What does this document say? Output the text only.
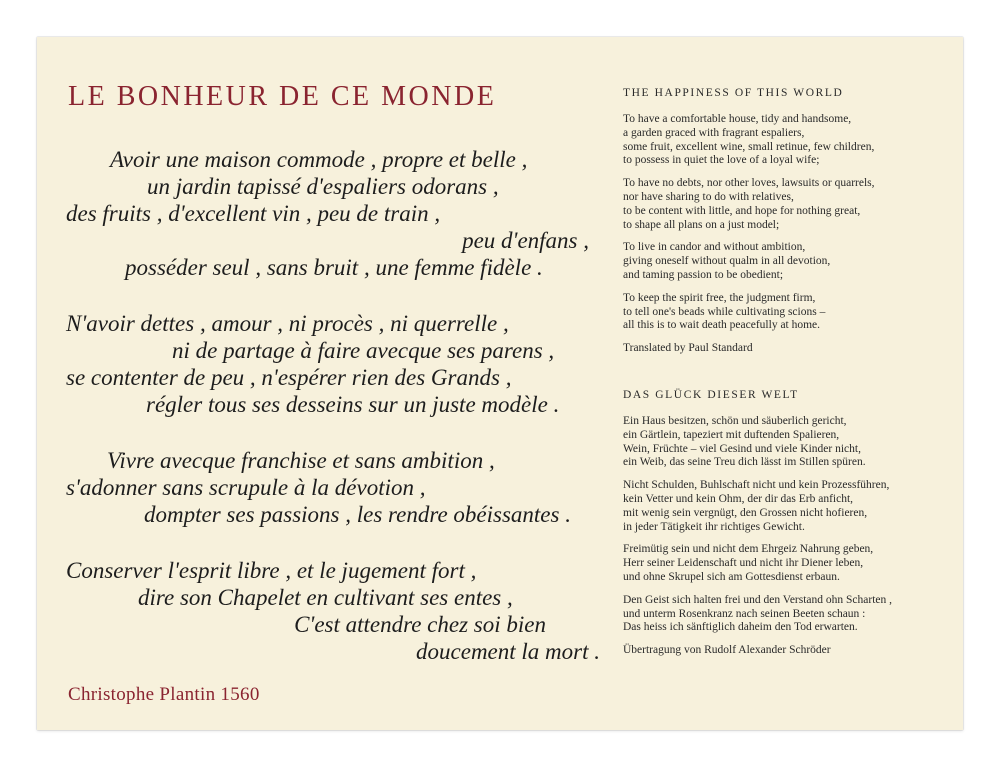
LE BONHEUR DE CE MONDE
Avoir une maison commode , propre et belle ,
un jardin tapissé d'espaliers odorans ,
des fruits , d'excellent vin , peu de train ,
peu d'enfans ,
posséder seul , sans bruit , une femme fidèle .
N'avoir dettes , amour , ni procès , ni querrelle ,
ni de partage à faire avecque ses parens ,
se contenter de peu , n'espérer rien des Grands ,
régler tous ses desseins sur un juste modèle .
Vivre avecque franchise et sans ambition ,
s'adonner sans scrupule à la dévotion ,
dompter ses passions , les rendre obéissantes .
Conserver l'esprit libre , et le jugement fort ,
dire son Chapelet en cultivant ses entes ,
C'est attendre chez soi bien
doucement la mort .
Christophe Plantin 1560
THE HAPPINESS OF THIS WORLD
To have a comfortable house, tidy and handsome,
a garden graced with fragrant espaliers,
some fruit, excellent wine, small retinue, few children,
to possess in quiet the love of a loyal wife;
To have no debts, nor other loves, lawsuits or quarrels,
nor have sharing to do with relatives,
to be content with little, and hope for nothing great,
to shape all plans on a just model;
To live in candor and without ambition,
giving oneself without qualm in all devotion,
and taming passion to be obedient;
To keep the spirit free, the judgment firm,
to tell one's beads while cultivating scions –
all this is to wait death peacefully at home.
Translated by Paul Standard
DAS GLÜCK DIESER WELT
Ein Haus besitzen, schön und säuberlich gericht,
ein Gärtlein, tapeziert mit duftenden Spalieren,
Wein, Früchte – viel Gesind und viele Kinder nicht,
ein Weib, das seine Treu dich lässt im Stillen spüren.
Nicht Schulden, Buhlschaft nicht und kein Prozessführen,
kein Vetter und kein Ohm, der dir das Erb anficht,
mit wenig sein vergnügt, den Grossen nicht hofieren,
in jeder Tätigkeit ihr richtiges Gewicht.
Freimütig sein und nicht dem Ehrgeiz Nahrung geben,
Herr seiner Leidenschaft und nicht ihr Diener leben,
und ohne Skrupel sich am Gottesdienst erbaun.
Den Geist sich halten frei und den Verstand ohn Scharten ,
und unterm Rosenkranz nach seinen Beeten schaun :
Das heiss ich sänftiglich daheim den Tod erwarten.
Übertragung von Rudolf Alexander Schröder
